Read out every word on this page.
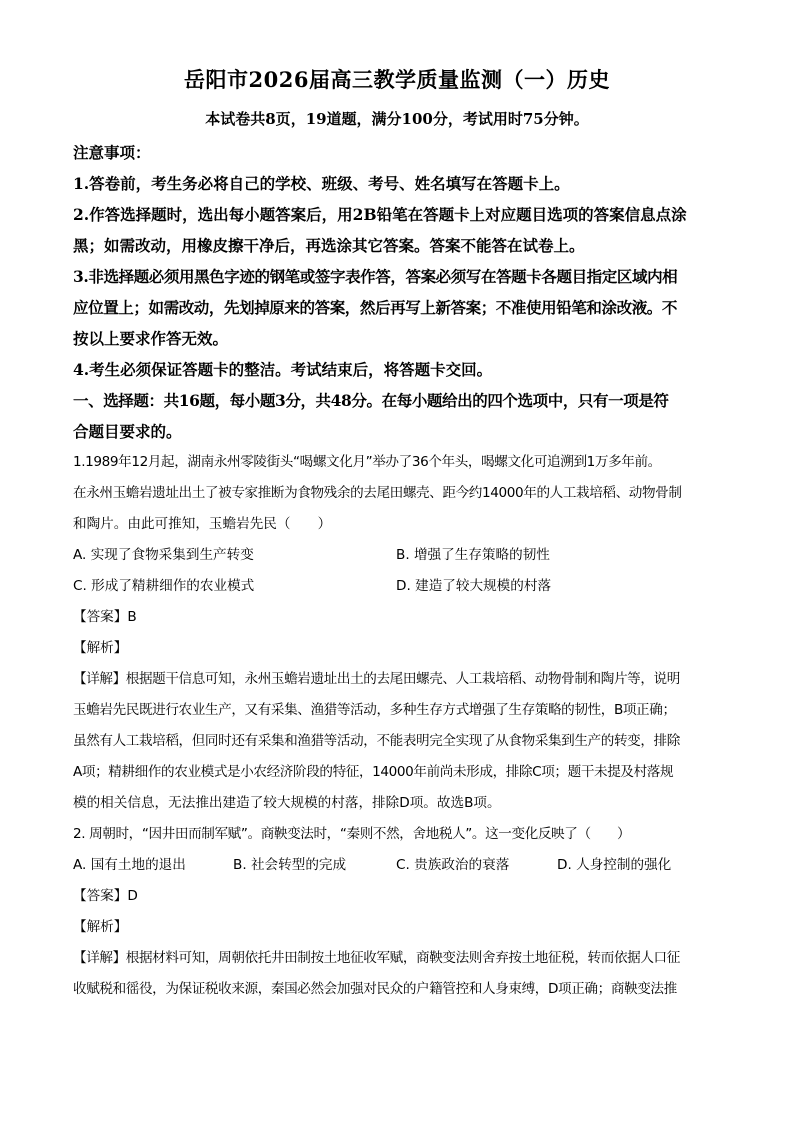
岳阳市2026届高三教学质量监测（一）历史

本试卷共8页，19道题，满分100分，考试用时75分钟。

注意事项：

1.答卷前，考生务必将自己的学校、班级、考号、姓名填写在答题卡上。

2.作答选择题时，选出每小题答案后，用2B铅笔在答题卡上对应题目选项的答案信息点涂

黑；如需改动，用橡皮擦干净后，再选涂其它答案。答案不能答在试卷上。

3.非选择题必须用黑色字迹的钢笔或签字表作答，答案必须写在答题卡各题目指定区域内相

应位置上；如需改动，先划掉原来的答案，然后再写上新答案；不准使用铅笔和涂改液。不

按以上要求作答无效。

4.考生必须保证答题卡的整洁。考试结束后，将答题卡交回。

一、选择题：共16题，每小题3分，共48分。在每小题给出的四个选项中，只有一项是符

合题目要求的。

1.1989年12月起，湖南永州零陵街头“喝螺文化月”举办了36个年头，喝螺文化可追溯到1万多年前。

在永州玉蟾岩遗址出土了被专家推断为食物残余的去尾田螺壳、距今约14000年的人工栽培稻、动物骨制

和陶片。由此可推知，玉蟾岩先民（　　）

A. 实现了食物采集到生产转变	B. 增强了生存策略的韧性
C. 形成了精耕细作的农业模式	D. 建造了较大规模的村落

【答案】B

【解析】

【详解】根据题干信息可知，永州玉蟾岩遗址出土的去尾田螺壳、人工栽培稻、动物骨制和陶片等，说明

玉蟾岩先民既进行农业生产，又有采集、渔猎等活动，多种生存方式增强了生存策略的韧性，B项正确；

虽然有人工栽培稻，但同时还有采集和渔猎等活动，不能表明完全实现了从食物采集到生产的转变，排除

A项；精耕细作的农业模式是小农经济阶段的特征，14000年前尚未形成，排除C项；题干未提及村落规

模的相关信息，无法推出建造了较大规模的村落，排除D项。故选B项。

2. 周朝时，“因井田而制军赋”。商鞅变法时，“秦则不然，舍地税人”。这一变化反映了（　　）

A. 国有土地的退出	B. 社会转型的完成	C. 贵族政治的衰落	D. 人身控制的强化

【答案】D

【解析】

【详解】根据材料可知，周朝依托井田制按土地征收军赋，商鞅变法则舍弃按土地征税，转而依据人口征

收赋税和徭役，为保证税收来源，秦国必然会加强对民众的户籍管控和人身束缚，D项正确；商鞅变法推
